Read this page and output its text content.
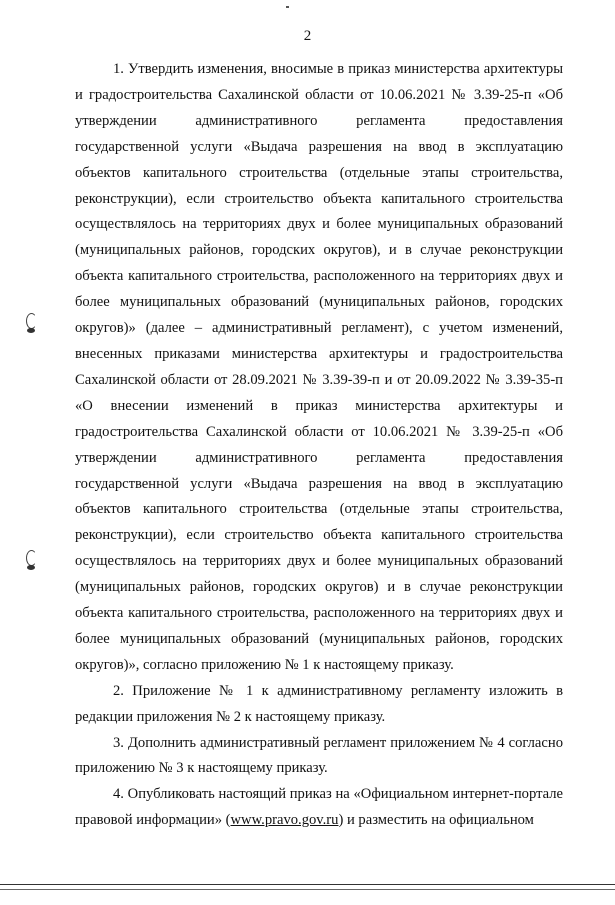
2

1. Утвердить изменения, вносимые в приказ министерства архитектуры и градостроительства Сахалинской области от 10.06.2021 № 3.39-25-п «Об утверждении административного регламента предоставления государственной услуги «Выдача разрешения на ввод в эксплуатацию объектов капитального строительства (отдельные этапы строительства, реконструкции), если строительство объекта капитального строительства осуществлялось на территориях двух и более муниципальных образований (муниципальных районов, городских округов), и в случае реконструкции объекта капитального строительства, расположенного на территориях двух и более муниципальных образований (муниципальных районов, городских округов)» (далее – административный регламент), с учетом изменений, внесенных приказами министерства архитектуры и градостроительства Сахалинской области от 28.09.2021 № 3.39-39-п и от 20.09.2022 № 3.39-35-п «О внесении изменений в приказ министерства архитектуры и градостроительства Сахалинской области от 10.06.2021 № 3.39-25-п «Об утверждении административного регламента предоставления государственной услуги «Выдача разрешения на ввод в эксплуатацию объектов капитального строительства (отдельные этапы строительства, реконструкции), если строительство объекта капитального строительства осуществлялось на территориях двух и более муниципальных образований (муниципальных районов, городских округов) и в случае реконструкции объекта капитального строительства, расположенного на территориях двух и более муниципальных образований (муниципальных районов, городских округов)», согласно приложению № 1 к настоящему приказу.

2. Приложение № 1 к административному регламенту изложить в редакции приложения № 2 к настоящему приказу.

3. Дополнить административный регламент приложением № 4 согласно приложению № 3 к настоящему приказу.

4. Опубликовать настоящий приказ на «Официальном интернет-портале правовой информации» (www.pravo.gov.ru) и разместить на официальном
